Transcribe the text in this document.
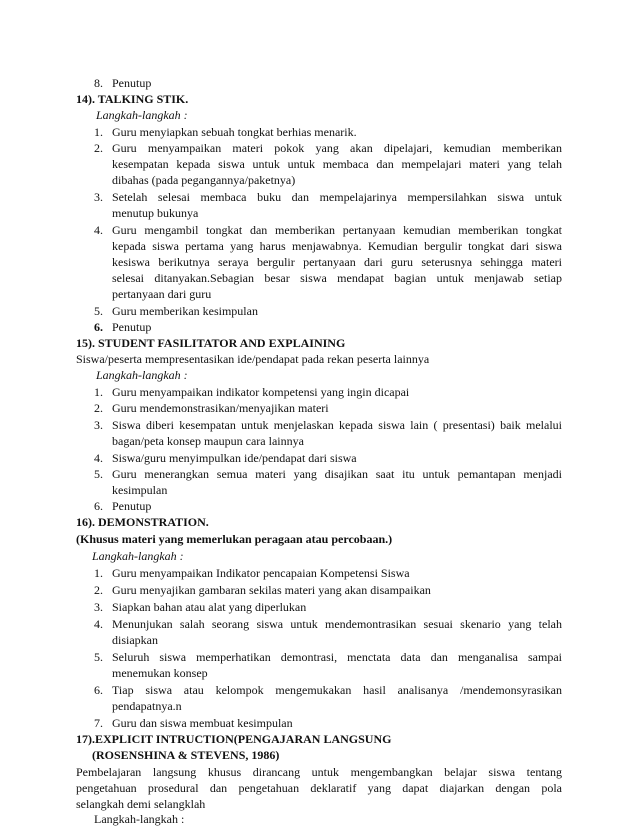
8. Penutup
14). TALKING STIK.
Langkah-langkah :
1. Guru menyiapkan sebuah tongkat berhias menarik.
2. Guru menyampaikan materi pokok yang akan dipelajari, kemudian memberikan
kesempatan kepada siswa untuk untuk membaca dan mempelajari materi yang telah
dibahas (pada pegangannya/paketnya)
3. Setelah selesai membaca buku dan mempelajarinya mempersilahkan siswa untuk
menutup bukunya
4. Guru mengambil tongkat dan memberikan pertanyaan kemudian memberikan tongkat
kepada siswa pertama yang harus menjawabnya. Kemudian bergulir tongkat dari siswa
kesiswa berikutnya seraya bergulir pertanyaan dari guru seterusnya sehingga materi
selesai ditanyakan.Sebagian besar siswa mendapat bagian untuk menjawab setiap
pertanyaan dari guru
5. Guru memberikan kesimpulan
6. Penutup
15). STUDENT FASILITATOR AND EXPLAINING
Siswa/peserta mempresentasikan ide/pendapat pada rekan peserta lainnya
Langkah-langkah :
1. Guru menyampaikan indikator kompetensi yang ingin dicapai
2. Guru mendemonstrasikan/menyajikan materi
3. Siswa diberi kesempatan untuk menjelaskan kepada siswa lain ( presentasi) baik melalui
bagan/peta konsep maupun cara lainnya
4. Siswa/guru menyimpulkan ide/pendapat dari siswa
5. Guru menerangkan semua materi yang disajikan saat itu untuk pemantapan menjadi
kesimpulan
6. Penutup
16). DEMONSTRATION.
(Khusus materi yang memerlukan peragaan atau percobaan.)
Langkah-langkah :
1. Guru menyampaikan Indikator pencapaian Kompetensi Siswa
2. Guru menyajikan gambaran sekilas materi yang akan disampaikan
3. Siapkan bahan atau alat yang diperlukan
4. Menunjukan salah seorang siswa untuk mendemontrasikan sesuai skenario yang telah
disiapkan
5. Seluruh siswa memperhatikan demontrasi, menctata data dan menganalisa sampai
menemukan konsep
6. Tiap siswa atau kelompok mengemukakan hasil analisanya /mendemonsyrasikan
pendapatnya.n
7. Guru dan siswa membuat kesimpulan
17).EXPLICIT INTRUCTION(PENGAJARAN LANGSUNG
(ROSENSHINA & STEVENS, 1986)
Pembelajaran langsung khusus dirancang untuk mengembangkan belajar siswa tentang
pengetahuan prosedural dan pengetahuan deklaratif yang dapat diajarkan dengan pola
selangkah demi selangklah
Langkah-langkah :
